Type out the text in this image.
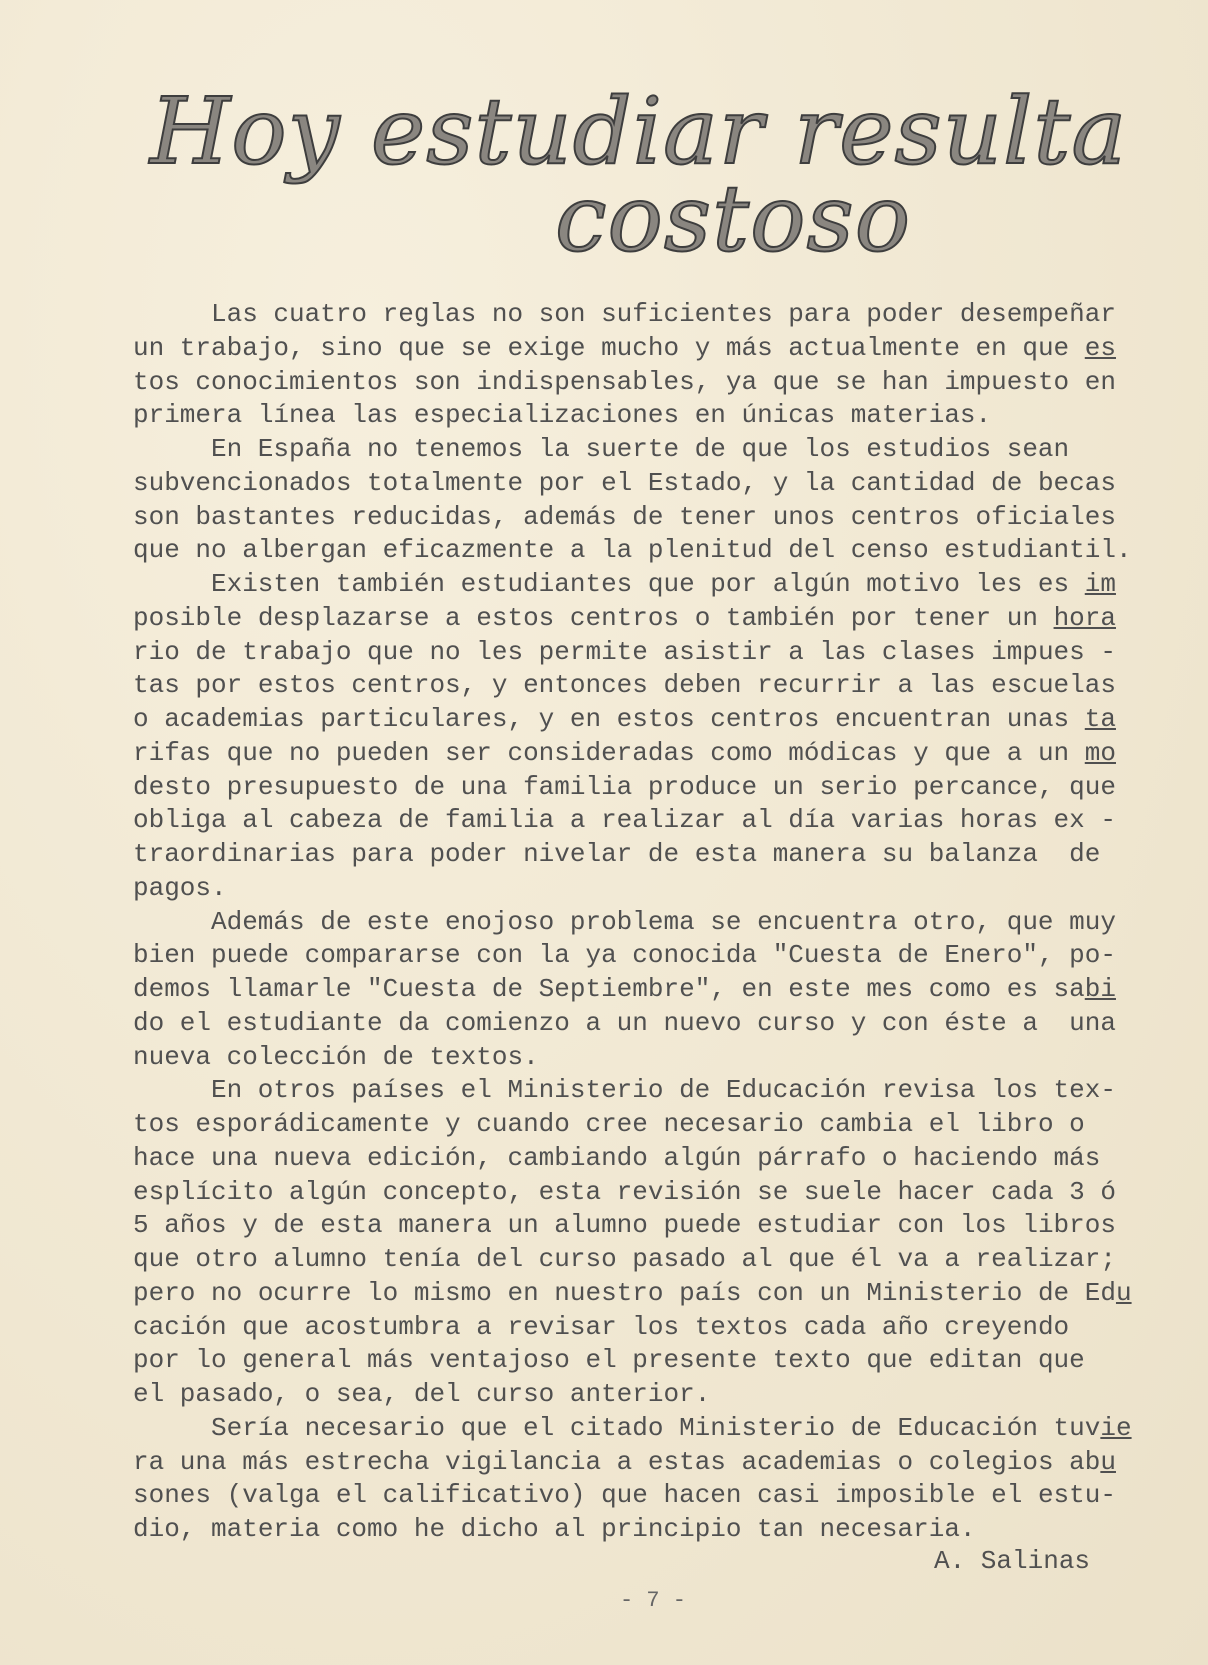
Hoy estudiar resulta
costoso
Las cuatro reglas no son suficientes para poder desempeñar
un trabajo, sino que se exige mucho y más actualmente en que es
tos conocimientos son indispensables, ya que se han impuesto en
primera línea las especializaciones en únicas materias.
En España no tenemos la suerte de que los estudios sean
subvencionados totalmente por el Estado, y la cantidad de becas
son bastantes reducidas, además de tener unos centros oficiales
que no albergan eficazmente a la plenitud del censo estudiantil.
Existen también estudiantes que por algún motivo les es im
posible desplazarse a estos centros o también por tener un hora
rio de trabajo que no les permite asistir a las clases impues -
tas por estos centros, y entonces deben recurrir a las escuelas
o academias particulares, y en estos centros encuentran unas ta
rifas que no pueden ser consideradas como módicas y que a un mo
desto presupuesto de una familia produce un serio percance, que
obliga al cabeza de familia a realizar al día varias horas ex -
traordinarias para poder nivelar de esta manera su balanza  de
pagos.
Además de este enojoso problema se encuentra otro, que muy
bien puede compararse con la ya conocida "Cuesta de Enero", po-
demos llamarle "Cuesta de Septiembre", en este mes como es sabi
do el estudiante da comienzo a un nuevo curso y con éste a  una
nueva colección de textos.
En otros países el Ministerio de Educación revisa los tex-
tos esporádicamente y cuando cree necesario cambia el libro o
hace una nueva edición, cambiando algún párrafo o haciendo más
esplícito algún concepto, esta revisión se suele hacer cada 3 ó
5 años y de esta manera un alumno puede estudiar con los libros
que otro alumno tenía del curso pasado al que él va a realizar;
pero no ocurre lo mismo en nuestro país con un Ministerio de Edu
cación que acostumbra a revisar los textos cada año creyendo
por lo general más ventajoso el presente texto que editan que
el pasado, o sea, del curso anterior.
Sería necesario que el citado Ministerio de Educación tuvie
ra una más estrecha vigilancia a estas academias o colegios abu
sones (valga el calificativo) que hacen casi imposible el estu-
dio, materia como he dicho al principio tan necesaria.
A. Salinas
- 7 -
